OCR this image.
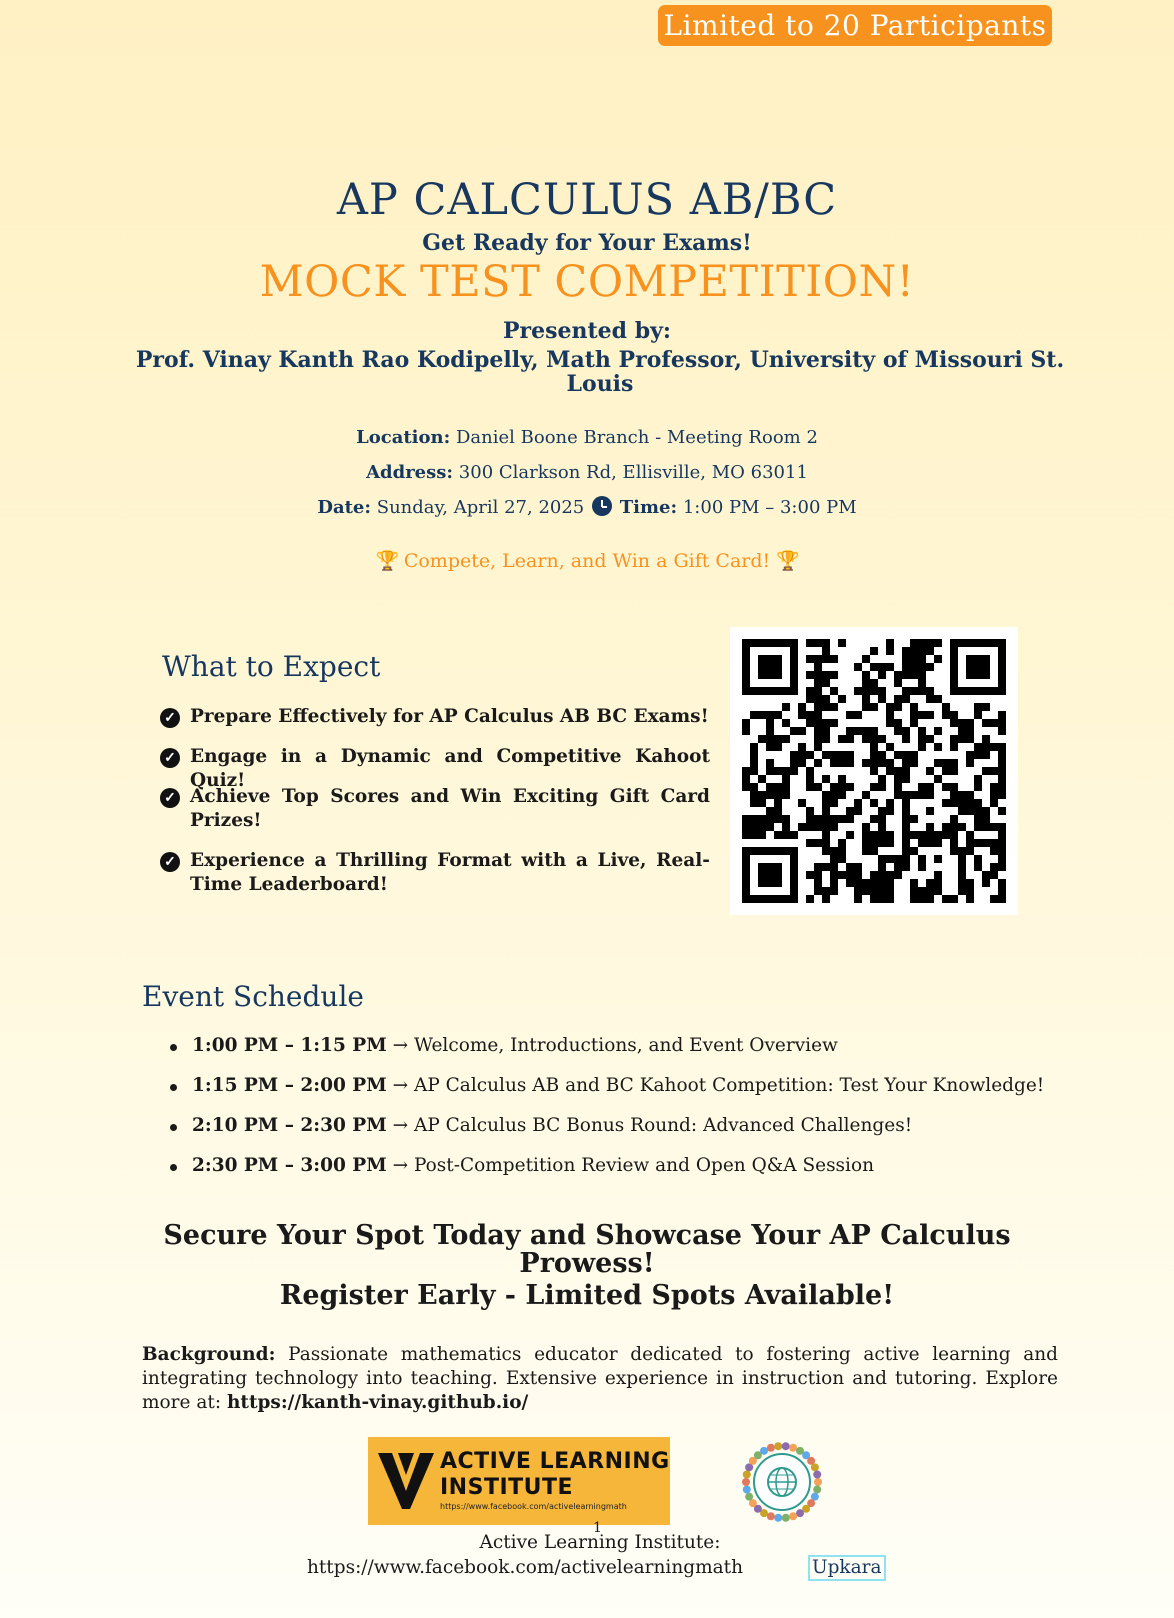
Limited to 20 Participants
AP CALCULUS AB/BC
Get Ready for Your Exams!
MOCK TEST COMPETITION!
Presented by:
Prof. Vinay Kanth Rao Kodipelly, Math Professor, University of Missouri St. Louis
Location: Daniel Boone Branch - Meeting Room 2
Address: 300 Clarkson Rd, Ellisville, MO 63011
Date: Sunday, April 27, 2025 Time: 1:00 PM – 3:00 PM
🏆 Compete, Learn, and Win a Gift Card! 🏆
What to Expect
✓ Prepare Effectively for AP Calculus AB BC Exams!
✓ Engage in a Dynamic and Competitive Kahoot Quiz!
✓ Achieve Top Scores and Win Exciting Gift Card Prizes!
✓ Experience a Thrilling Format with a Live, Real-Time Leaderboard!
Event Schedule
1:00 PM – 1:15 PM → Welcome, Introductions, and Event Overview
1:15 PM – 2:00 PM → AP Calculus AB and BC Kahoot Competition: Test Your Knowledge!
2:10 PM – 2:30 PM → AP Calculus BC Bonus Round: Advanced Challenges!
2:30 PM – 3:00 PM → Post-Competition Review and Open Q&A Session
Secure Your Spot Today and Showcase Your AP Calculus Prowess!
Register Early - Limited Spots Available!
Background: Passionate mathematics educator dedicated to fostering active learning and integrating technology into teaching. Extensive experience in instruction and tutoring. Explore more at: https://kanth-vinay.github.io/
ACTIVE LEARNING
INSTITUTE
https://www.facebook.com/activelearningmath
1
Active Learning Institute:
https://www.facebook.com/activelearningmath	Upkara
